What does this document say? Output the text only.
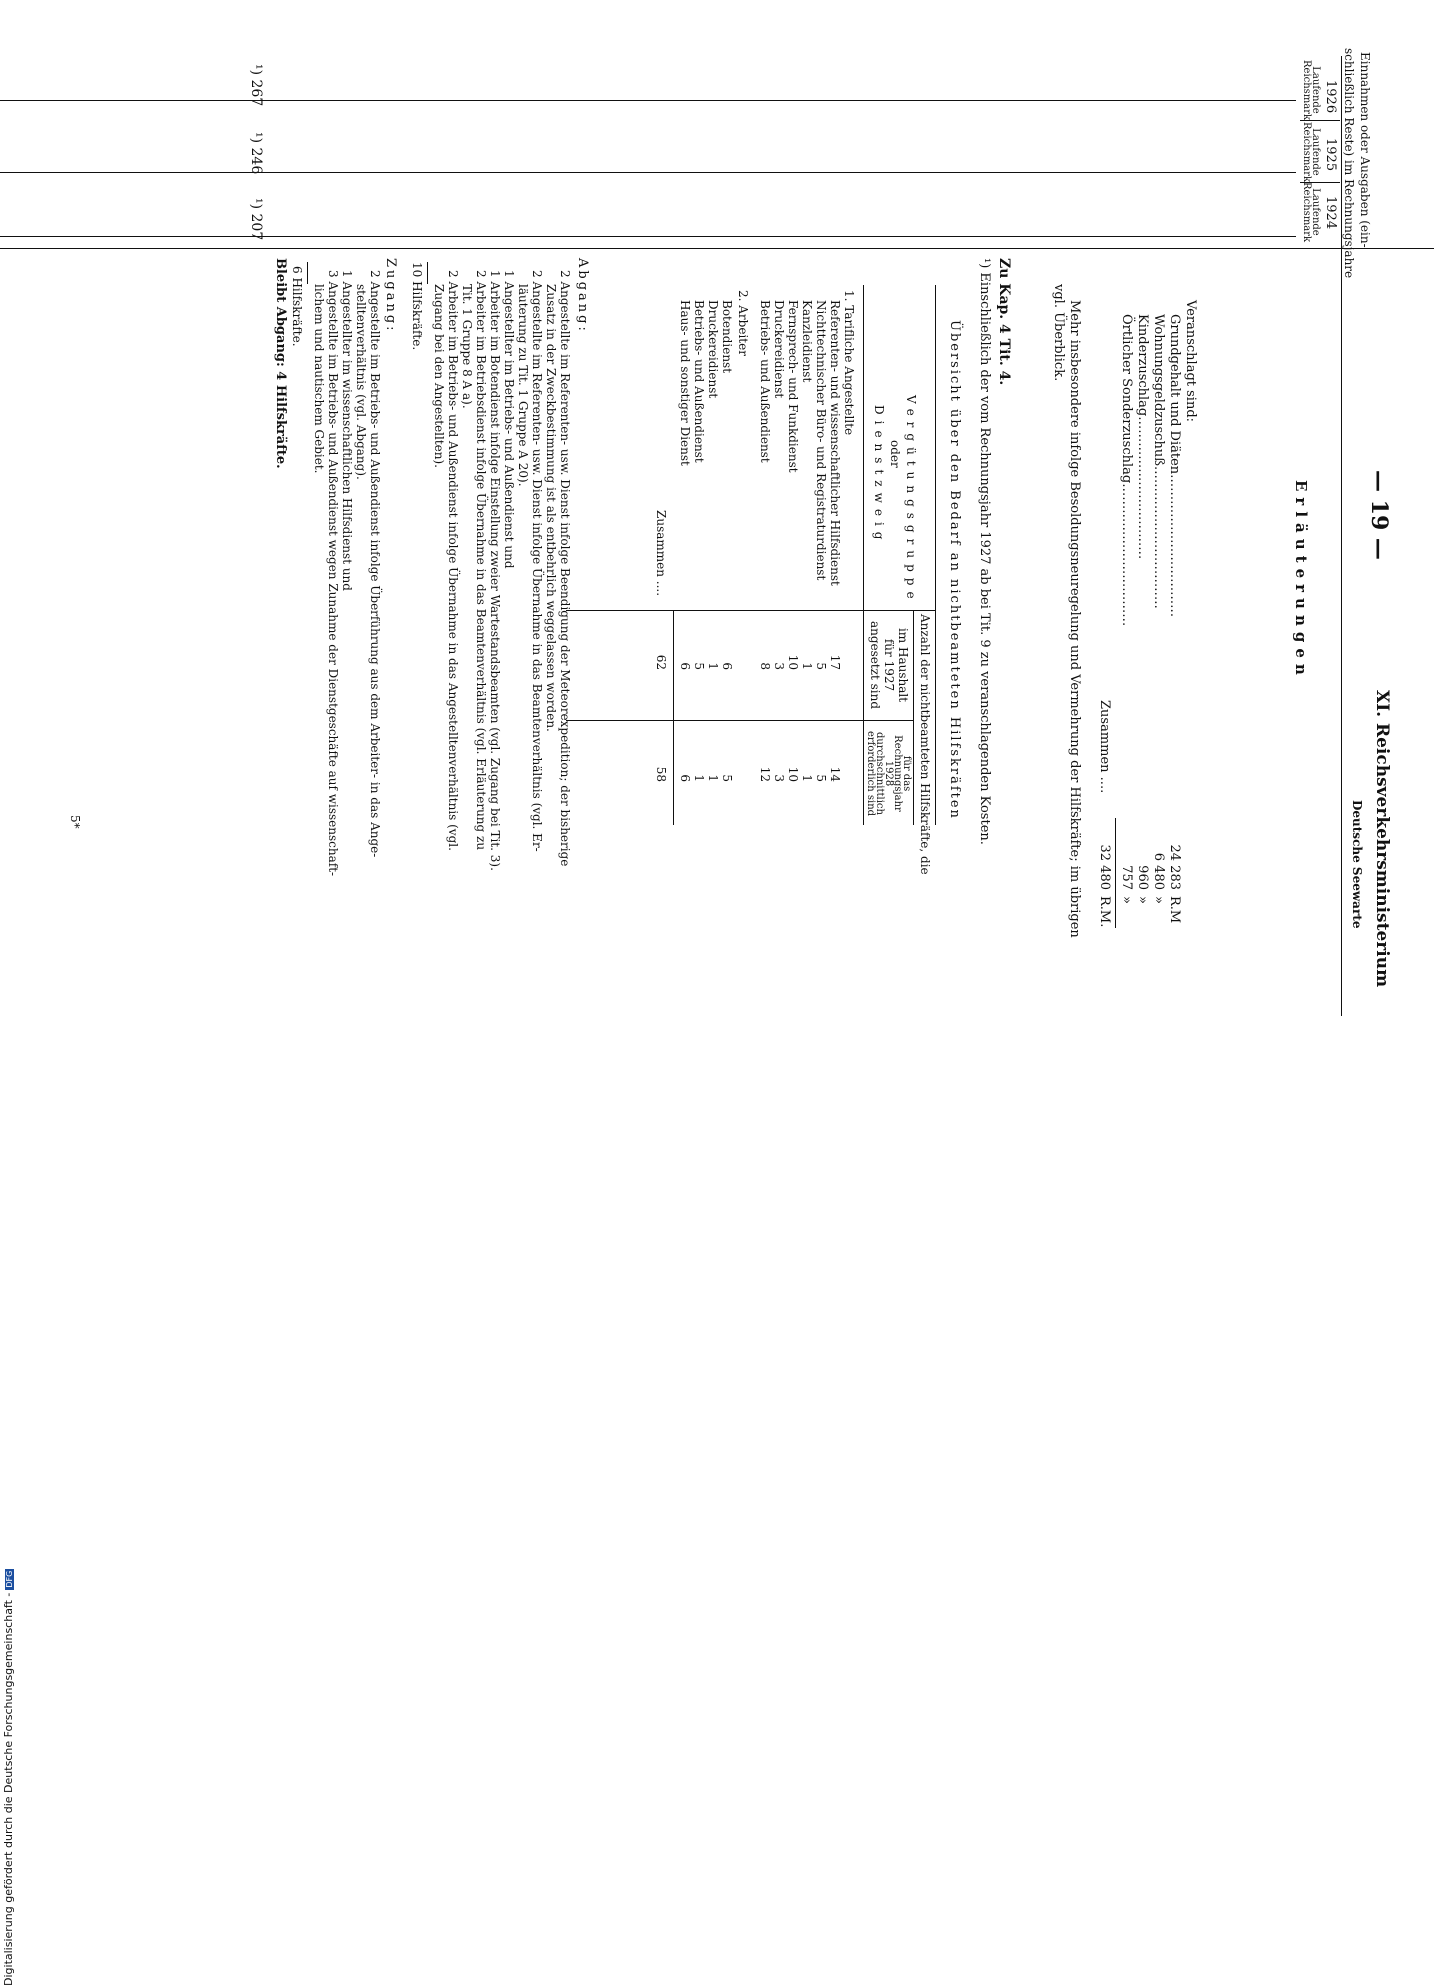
— 19 —
XI. Reichsverkehrsministerium
Deutsche Seewarte
Erläuterungen
Einnahmen oder Ausgaben (ein-
schließlich Reste) im Rechnungsjahre
1926
1925
1924
Laufende Reichsmark
Laufende Reichsmark
Laufende Reichsmark
¹) 267
¹) 246
¹) 207
Veranschlagt sind:
Grundgehalt und Diäten……………………………
Wohnungsgeldzuschuß……………………………
Kinderzuschlag……………………………
Örtlicher Sonderzuschlag……………………………
24 283
6 480
960
757
R.M
»
»
»
Zusammen ....
32 480
R.M.
Mehr insbesondere infolge Besoldungsneuregelung und Vermehrung der Hilfskräfte; im übrigen
vgl. Überblick.
Zu Kap. 4 Tit. 4.
¹) Einschließlich der vom Rechnungsjahr 1927 ab bei Tit. 9 zu veranschlagenden Kosten.
Übersicht über den Bedarf an nichtbeamteten Hilfskräften
Vergütungsgruppe
oder
Dienstzweig
Anzahl der nichtbeamteten Hilfskräfte, die
im Haushalt
für 1927
angesetzt sind
für das
Rechnungsjahr
1928
durchschnittlich
erforderlich sind
1. Tarifliche Angestellte
Referenten- und wissenschaftlicher Hilfsdienst
Nichttechnischer Büro- und Registraturdienst
Kanzleidienst
Fernsprech- und Funkdienst
Druckereidienst
Betriebs- und Außendienst
17
5
1
10
3
8
14
5
1
10
3
12
2. Arbeiter
Botendienst
Druckereidienst
Betriebs- und Außendienst
Haus- und sonstiger Dienst
6
1
5
6
5
1
1
6
Zusammen ....
62
58
Abgang:
2 Angestellte im Referenten- usw. Dienst infolge Beendigung der Meteorexpedition; der bisherige
Zusatz in der Zweckbestimmung ist als entbehrlich weggelassen worden.
2 Angestellte im Referenten- usw. Dienst infolge Übernahme in das Beamtenverhältnis (vgl. Er-
läuterung zu Tit. 1 Gruppe A 20).
1 Angestellter im Betriebs- und Außendienst und
1 Arbeiter im Botendienst infolge Einstellung zweier Wartestandsbeamten (vgl. Zugang bei Tit. 3).
2 Arbeiter im Betriebsdienst infolge Übernahme in das Beamtenverhältnis (vgl. Erläuterung zu
Tit. 1 Gruppe 8 A a).
2 Arbeiter im Betriebs- und Außendienst infolge Übernahme in das Angestelltenverhältnis (vgl.
Zugang bei den Angestellten).
10 Hilfskräfte.
Zugang:
2 Angestellte im Betriebs- und Außendienst infolge Überführung aus dem Arbeiter- in das Ange-
stelltenverhältnis (vgl. Abgang).
1 Angestellter im wissenschaftlichen Hilfsdienst und
3 Angestellte im Betriebs- und Außendienst wegen Zunahme der Dienstgeschäfte auf wissenschaft-
lichem und nautischem Gebiet.
6 Hilfskräfte.
Bleibt Abgang: 4 Hilfskräfte.
5*
Digitalisierung gefördert durch die Deutsche Forschungsgemeinschaft -DFG
